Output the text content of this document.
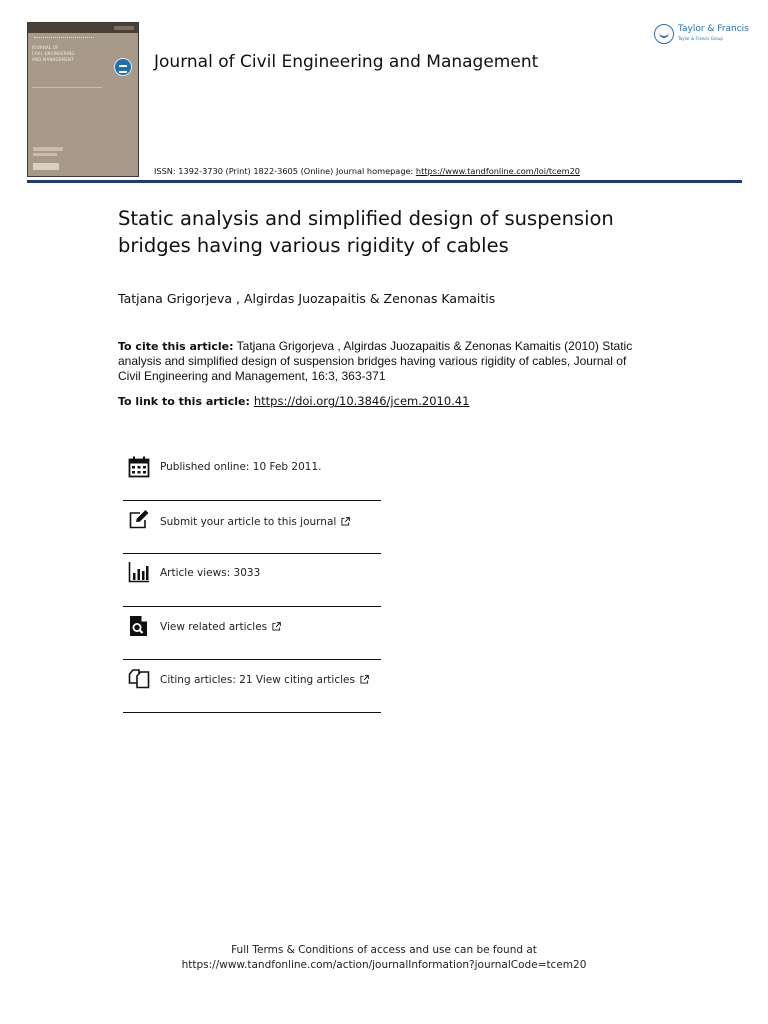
JOURNAL OF
CIVIL ENGINEERING
AND MANAGEMENT	Journal of Civil Engineering and Management
Taylor & Francis
Taylor & Francis Group
ISSN: 1392-3730 (Print) 1822-3605 (Online) Journal homepage: https://www.tandfonline.com/loi/tcem20
Static analysis and simplified design of suspension bridges having various rigidity of cables
Tatjana Grigorjeva , Algirdas Juozapaitis & Zenonas Kamaitis
To cite this article: Tatjana Grigorjeva , Algirdas Juozapaitis & Zenonas Kamaitis (2010) Static analysis and simplified design of suspension bridges having various rigidity of cables, Journal of Civil Engineering and Management, 16:3, 363-371
To link to this article: https://doi.org/10.3846/jcem.2010.41
Published online: 10 Feb 2011.
Submit your article to this journal
Article views: 3033
View related articles
Citing articles: 21 View citing articles
Full Terms & Conditions of access and use can be found at
https://www.tandfonline.com/action/journalInformation?journalCode=tcem20
